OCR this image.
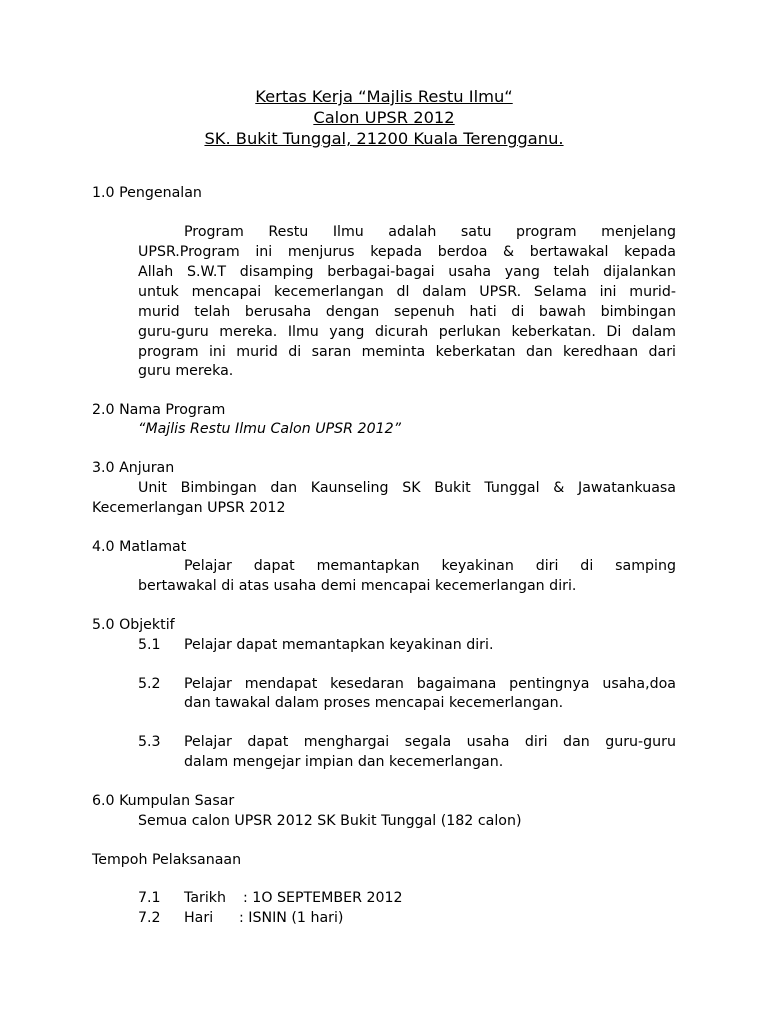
Kertas Kerja “Majlis Restu Ilmu“
Calon UPSR 2012
SK. Bukit Tunggal, 21200 Kuala Terengganu.
1.0 Pengenalan
Program Restu Ilmu adalah satu program menjelang
UPSR.Program ini menjurus kepada berdoa & bertawakal kepada
Allah S.W.T disamping berbagai-bagai usaha yang telah dijalankan
untuk mencapai kecemerlangan dl dalam UPSR. Selama ini murid-
murid telah berusaha dengan sepenuh hati di bawah bimbingan
guru-guru mereka. Ilmu yang dicurah perlukan keberkatan. Di dalam
program ini murid di saran meminta keberkatan dan keredhaan dari
guru mereka.
2.0 Nama Program
“Majlis Restu Ilmu Calon UPSR 2012”
3.0 Anjuran
Unit Bimbingan dan Kaunseling SK Bukit Tunggal & Jawatankuasa
Kecemerlangan UPSR 2012
4.0 Matlamat
Pelajar dapat memantapkan keyakinan diri di samping
bertawakal di atas usaha demi mencapai kecemerlangan diri.
5.0 Objektif
5.1 Pelajar dapat memantapkan keyakinan diri.
5.2 Pelajar mendapat kesedaran bagaimana pentingnya usaha,doa
dan tawakal dalam proses mencapai kecemerlangan.
5.3 Pelajar dapat menghargai segala usaha diri dan guru-guru
dalam mengejar impian dan kecemerlangan.
6.0 Kumpulan Sasar
Semua calon UPSR 2012 SK Bukit Tunggal (182 calon)
Tempoh Pelaksanaan
7.1 Tarikh : 1O SEPTEMBER 2012
7.2 Hari : ISNIN (1 hari)
